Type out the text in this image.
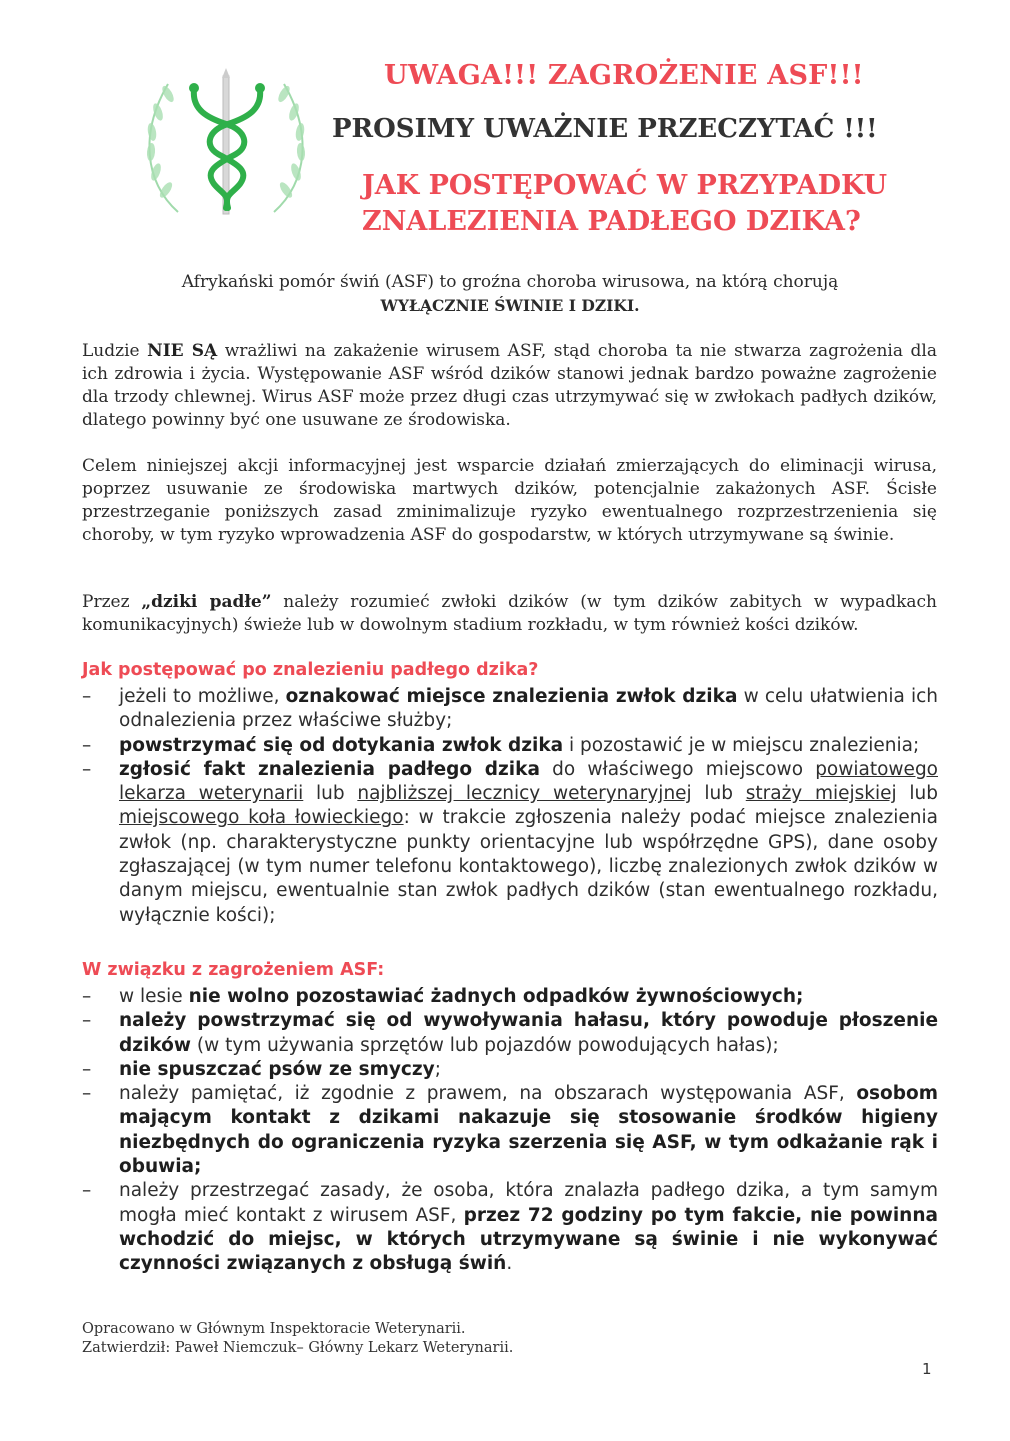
UWAGA!!! ZAGROŻENIE ASF!!!
PROSIMY UWAŻNIE PRZECZYTAĆ !!!
JAK POSTĘPOWAĆ W PRZYPADKU
ZNALEZIENIA PADŁEGO DZIKA?
Afrykański pomór świń (ASF) to groźna choroba wirusowa, na którą chorują
WYŁĄCZNIE ŚWINIE I DZIKI.
Ludzie NIE SĄ wrażliwi na zakażenie wirusem ASF, stąd choroba ta nie stwarza zagrożenia dla ich zdrowia i życia. Występowanie ASF wśród dzików stanowi jednak bardzo poważne zagrożenie dla trzody chlewnej. Wirus ASF może przez długi czas utrzymywać się w zwłokach padłych dzików, dlatego powinny być one usuwane ze środowiska.
Celem niniejszej akcji informacyjnej jest wsparcie działań zmierzających do eliminacji wirusa, poprzez usuwanie ze środowiska martwych dzików, potencjalnie zakażonych ASF. Ścisłe przestrzeganie poniższych zasad zminimalizuje ryzyko ewentualnego rozprzestrzenienia się choroby, w tym ryzyko wprowadzenia ASF do gospodarstw, w których utrzymywane są świnie.
Przez „dziki padłe” należy rozumieć zwłoki dzików (w tym dzików zabitych w wypadkach komunikacyjnych) świeże lub w dowolnym stadium rozkładu, w tym również kości dzików.
Jak postępować po znalezieniu padłego dzika?
–	jeżeli to możliwe, oznakować miejsce znalezienia zwłok dzika w celu ułatwienia ich odnalezienia przez właściwe służby;
–	powstrzymać się od dotykania zwłok dzika i pozostawić je w miejscu znalezienia;
–	zgłosić fakt znalezienia padłego dzika do właściwego miejscowo powiatowego lekarza weterynarii lub najbliższej lecznicy weterynaryjnej lub straży miejskiej lub miejscowego koła łowieckiego: w trakcie zgłoszenia należy podać miejsce znalezienia zwłok (np. charakterystyczne punkty orientacyjne lub współrzędne GPS), dane osoby zgłaszającej (w tym numer telefonu kontaktowego), liczbę znalezionych zwłok dzików w danym miejscu, ewentualnie stan zwłok padłych dzików (stan ewentualnego rozkładu, wyłącznie kości);
W związku z zagrożeniem ASF:
–	w lesie nie wolno pozostawiać żadnych odpadków żywnościowych;
–	należy powstrzymać się od wywoływania hałasu, który powoduje płoszenie dzików (w tym używania sprzętów lub pojazdów powodujących hałas);
–	nie spuszczać psów ze smyczy;
–	należy pamiętać, iż zgodnie z prawem, na obszarach występowania ASF, osobom mającym kontakt z dzikami nakazuje się stosowanie środków higieny niezbędnych do ograniczenia ryzyka szerzenia się ASF, w tym odkażanie rąk i obuwia;
–	należy przestrzegać zasady, że osoba, która znalazła padłego dzika, a tym samym mogła mieć kontakt z wirusem ASF, przez 72 godziny po tym fakcie, nie powinna wchodzić do miejsc, w których utrzymywane są świnie i nie wykonywać czynności związanych z obsługą świń.
Opracowano w Głównym Inspektoracie Weterynarii.
Zatwierdził: Paweł Niemczuk– Główny Lekarz Weterynarii.
1
